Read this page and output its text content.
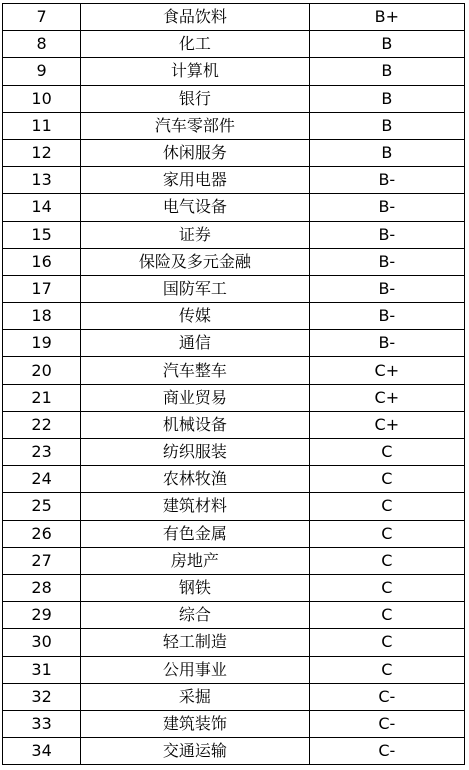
7	食品饮料	B+
8	化工	B
9	计算机	B
10	银行	B
11	汽车零部件	B
12	休闲服务	B
13	家用电器	B-
14	电气设备	B-
15	证券	B-
16	保险及多元金融	B-
17	国防军工	B-
18	传媒	B-
19	通信	B-
20	汽车整车	C+
21	商业贸易	C+
22	机械设备	C+
23	纺织服装	C
24	农林牧渔	C
25	建筑材料	C
26	有色金属	C
27	房地产	C
28	钢铁	C
29	综合	C
30	轻工制造	C
31	公用事业	C
32	采掘	C-
33	建筑装饰	C-
34	交通运输	C-
